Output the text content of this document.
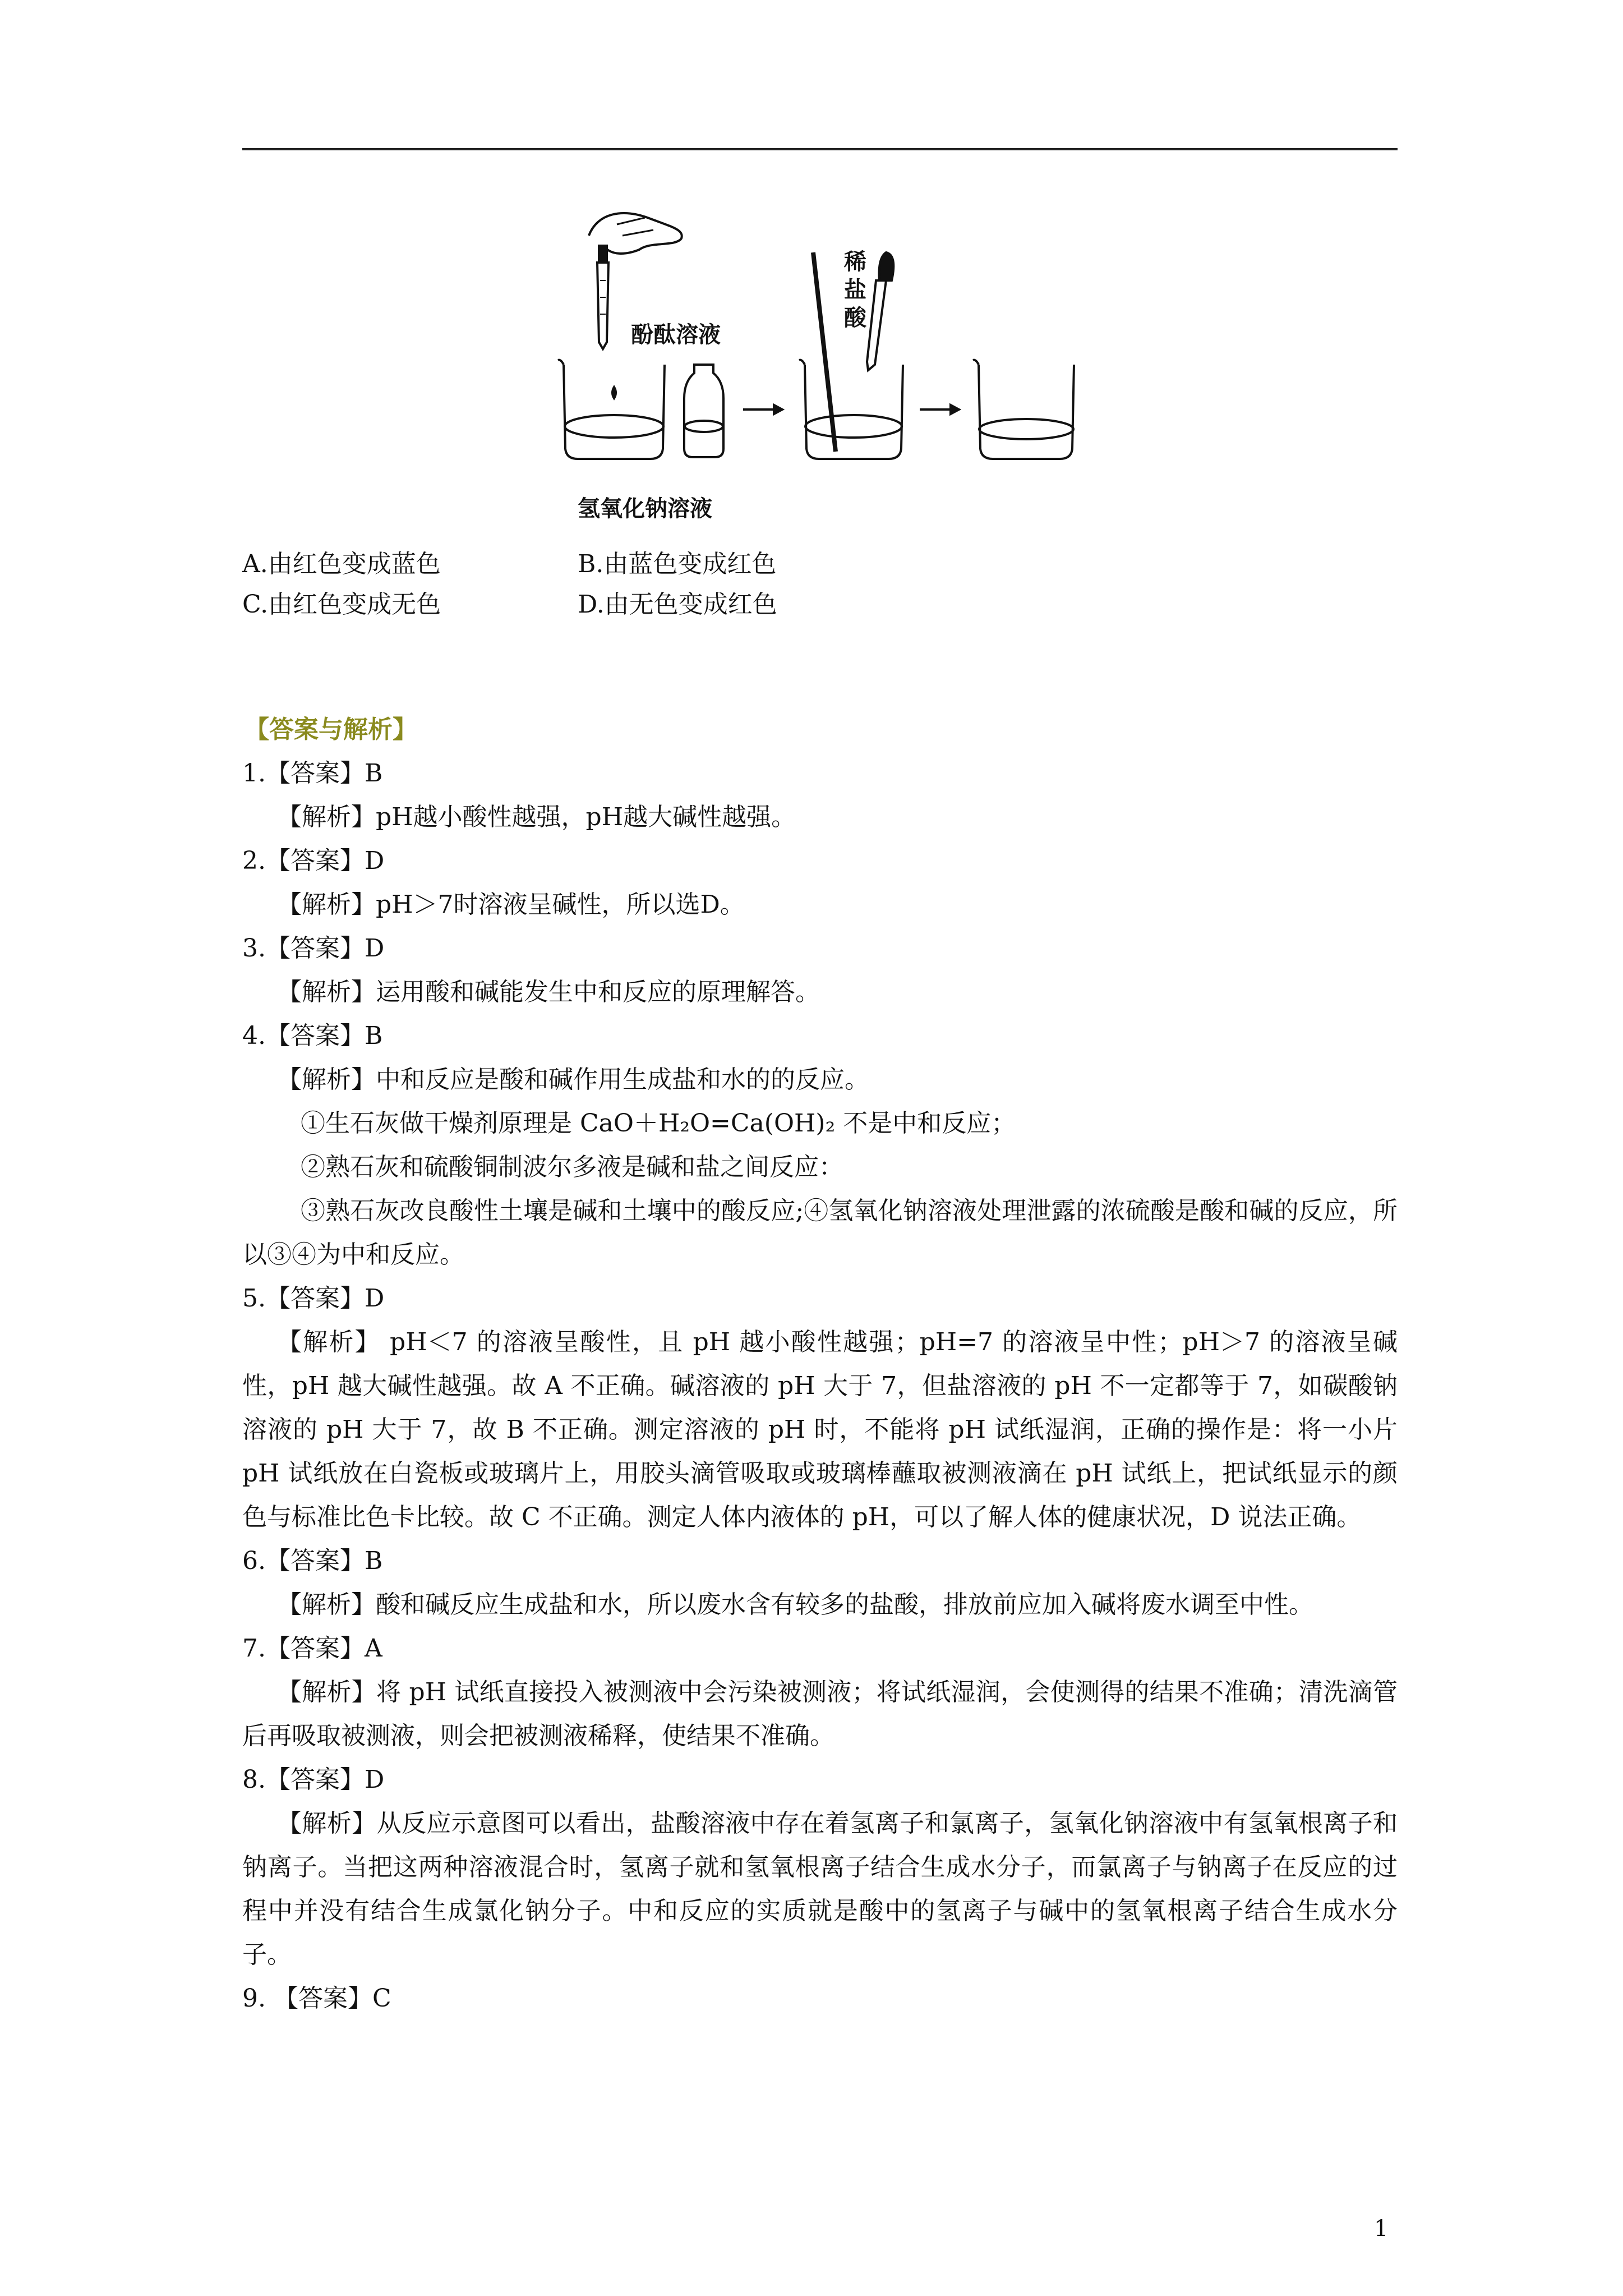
酚酞溶液
稀
盐
酸
氢氧化钠溶液
A.由红色变成蓝色	B.由蓝色变成红色
C.由红色变成无色	D.由无色变成红色
【答案与解析】
1.【答案】B
【解析】pH越小酸性越强，pH越大碱性越强。
2.【答案】D
【解析】pH＞7时溶液呈碱性，所以选D。
3.【答案】D
【解析】运用酸和碱能发生中和反应的原理解答。
4.【答案】B
【解析】中和反应是酸和碱作用生成盐和水的的反应。
①生石灰做干燥剂原理是 CaO＋H₂O=Ca(OH)₂ 不是中和反应；
②熟石灰和硫酸铜制波尔多液是碱和盐之间反应：
③熟石灰改良酸性土壤是碱和土壤中的酸反应;④氢氧化钠溶液处理泄露的浓硫酸是酸和碱的反应，所以③④为中和反应。
5.【答案】D
【解析】 pH＜7 的溶液呈酸性，且 pH 越小酸性越强；pH=7 的溶液呈中性；pH＞7 的溶液呈碱性，pH 越大碱性越强。故 A 不正确。碱溶液的 pH 大于 7，但盐溶液的 pH 不一定都等于 7，如碳酸钠溶液的 pH 大于 7，故 B 不正确。测定溶液的 pH 时，不能将 pH 试纸湿润，正确的操作是：将一小片 pH 试纸放在白瓷板或玻璃片上，用胶头滴管吸取或玻璃棒蘸取被测液滴在 pH 试纸上，把试纸显示的颜色与标准比色卡比较。故 C 不正确。测定人体内液体的 pH，可以了解人体的健康状况，D 说法正确。
6.【答案】B
【解析】酸和碱反应生成盐和水，所以废水含有较多的盐酸，排放前应加入碱将废水调至中性。
7.【答案】A
【解析】将 pH 试纸直接投入被测液中会污染被测液；将试纸湿润，会使测得的结果不准确；清洗滴管后再吸取被测液，则会把被测液稀释，使结果不准确。
8.【答案】D
【解析】从反应示意图可以看出，盐酸溶液中存在着氢离子和氯离子，氢氧化钠溶液中有氢氧根离子和钠离子。当把这两种溶液混合时，氢离子就和氢氧根离子结合生成水分子，而氯离子与钠离子在反应的过程中并没有结合生成氯化钠分子。中和反应的实质就是酸中的氢离子与碱中的氢氧根离子结合生成水分子。
9. 【答案】C
1
